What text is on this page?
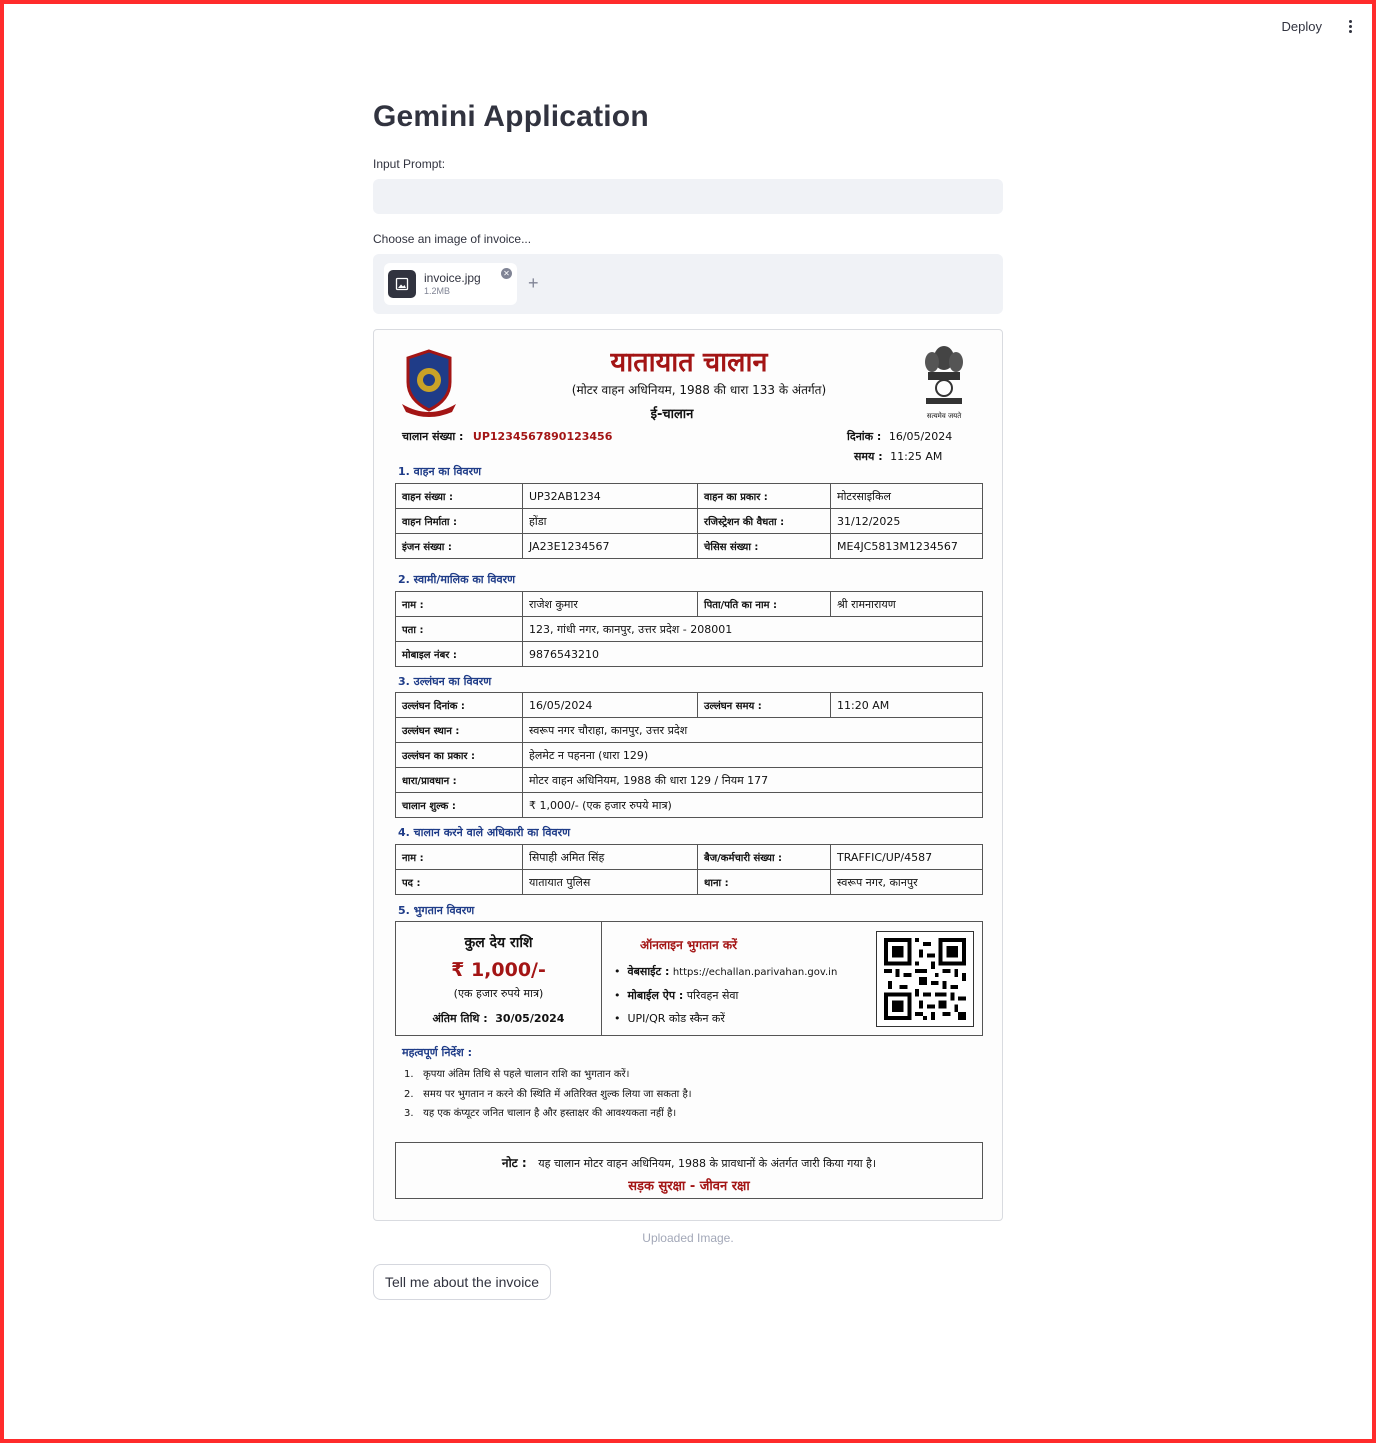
Deploy
Gemini Application
Input Prompt:
Choose an image of invoice...
invoice.jpg
1.2MB
✕ +
सत्यमेव जयते
यातायात चालान
(मोटर वाहन अधिनियम, 1988 की धारा 133 के अंतर्गत)
ई-चालान
चालान संख्या : UP1234567890123456	दिनांक : 16/05/2024
समय : 11:25 AM
1. वाहन का विवरण
वाहन संख्या :	UP32AB1234	वाहन का प्रकार :	मोटरसाइकिल
वाहन निर्माता :	होंडा	रजिस्ट्रेशन की वैधता :	31/12/2025
इंजन संख्या :	JA23E1234567	चेसिस संख्या :	ME4JC5813M1234567
2. स्वामी/मालिक का विवरण
नाम :	राजेश कुमार	पिता/पति का नाम :	श्री रामनारायण
पता :	123, गांधी नगर, कानपुर, उत्तर प्रदेश - 208001		
मोबाइल नंबर :	9876543210		
3. उल्लंघन का विवरण
उल्लंघन दिनांक :	16/05/2024	उल्लंघन समय :	11:20 AM
उल्लंघन स्थान :	स्वरूप नगर चौराहा, कानपुर, उत्तर प्रदेश		
उल्लंघन का प्रकार :	हेलमेट न पहनना (धारा 129)		
धारा/प्रावधान :	मोटर वाहन अधिनियम, 1988 की धारा 129 / नियम 177		
चालान शुल्क :	₹ 1,000/- (एक हजार रुपये मात्र)		
4. चालान करने वाले अधिकारी का विवरण
नाम :	सिपाही अमित सिंह	बैज/कर्मचारी संख्या :	TRAFFIC/UP/4587
पद :	यातायात पुलिस	थाना :	स्वरूप नगर, कानपुर
5. भुगतान विवरण
कुल देय राशि
₹ 1,000/-
(एक हजार रुपये मात्र)
अंतिम तिथि : 30/05/2024
ऑनलाइन भुगतान करें
•  वेबसाईट : https://echallan.parivahan.gov.in
•  मोबाईल ऐप : परिवहन सेवा
•  UPI/QR कोड स्कैन करें
महत्वपूर्ण निर्देश :
1.   कृपया अंतिम तिथि से पहले चालान राशि का भुगतान करें।
2.   समय पर भुगतान न करने की स्थिति में अतिरिक्त शुल्क लिया जा सकता है।
3.   यह एक कंप्यूटर जनित चालान है और हस्ताक्षर की आवश्यकता नहीं है।
नोट : यह चालान मोटर वाहन अधिनियम, 1988 के प्रावधानों के अंतर्गत जारी किया गया है।
सड़क सुरक्षा - जीवन रक्षा
Uploaded Image.
Tell me about the invoice
